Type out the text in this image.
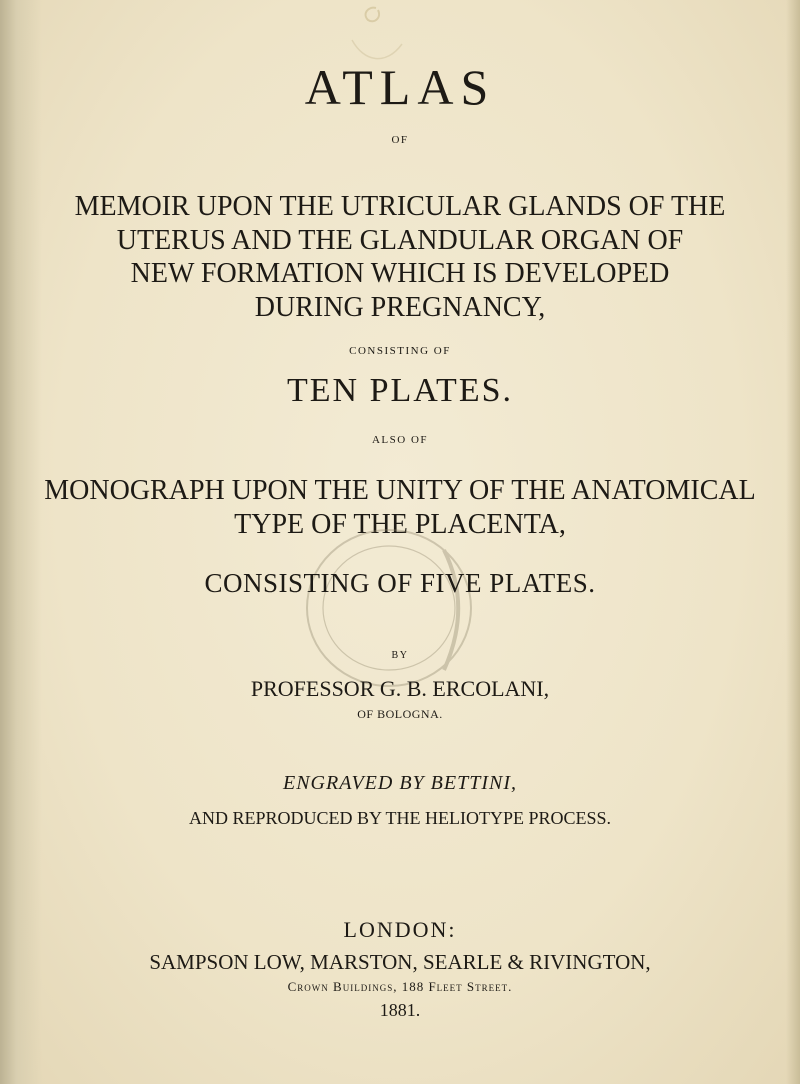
ATLAS
OF
MEMOIR UPON THE UTRICULAR GLANDS OF THE
UTERUS AND THE GLANDULAR ORGAN OF
NEW FORMATION WHICH IS DEVELOPED
DURING PREGNANCY,
CONSISTING OF
TEN PLATES.
ALSO OF
MONOGRAPH UPON THE UNITY OF THE ANATOMICAL
TYPE OF THE PLACENTA,
CONSISTING OF FIVE PLATES.
BY
PROFESSOR G. B. ERCOLANI,
OF BOLOGNA.
ENGRAVED BY BETTINI,
AND REPRODUCED BY THE HELIOTYPE PROCESS.
LONDON:
SAMPSON LOW, MARSTON, SEARLE & RIVINGTON,
Crown Buildings, 188 Fleet Street.
1881.
